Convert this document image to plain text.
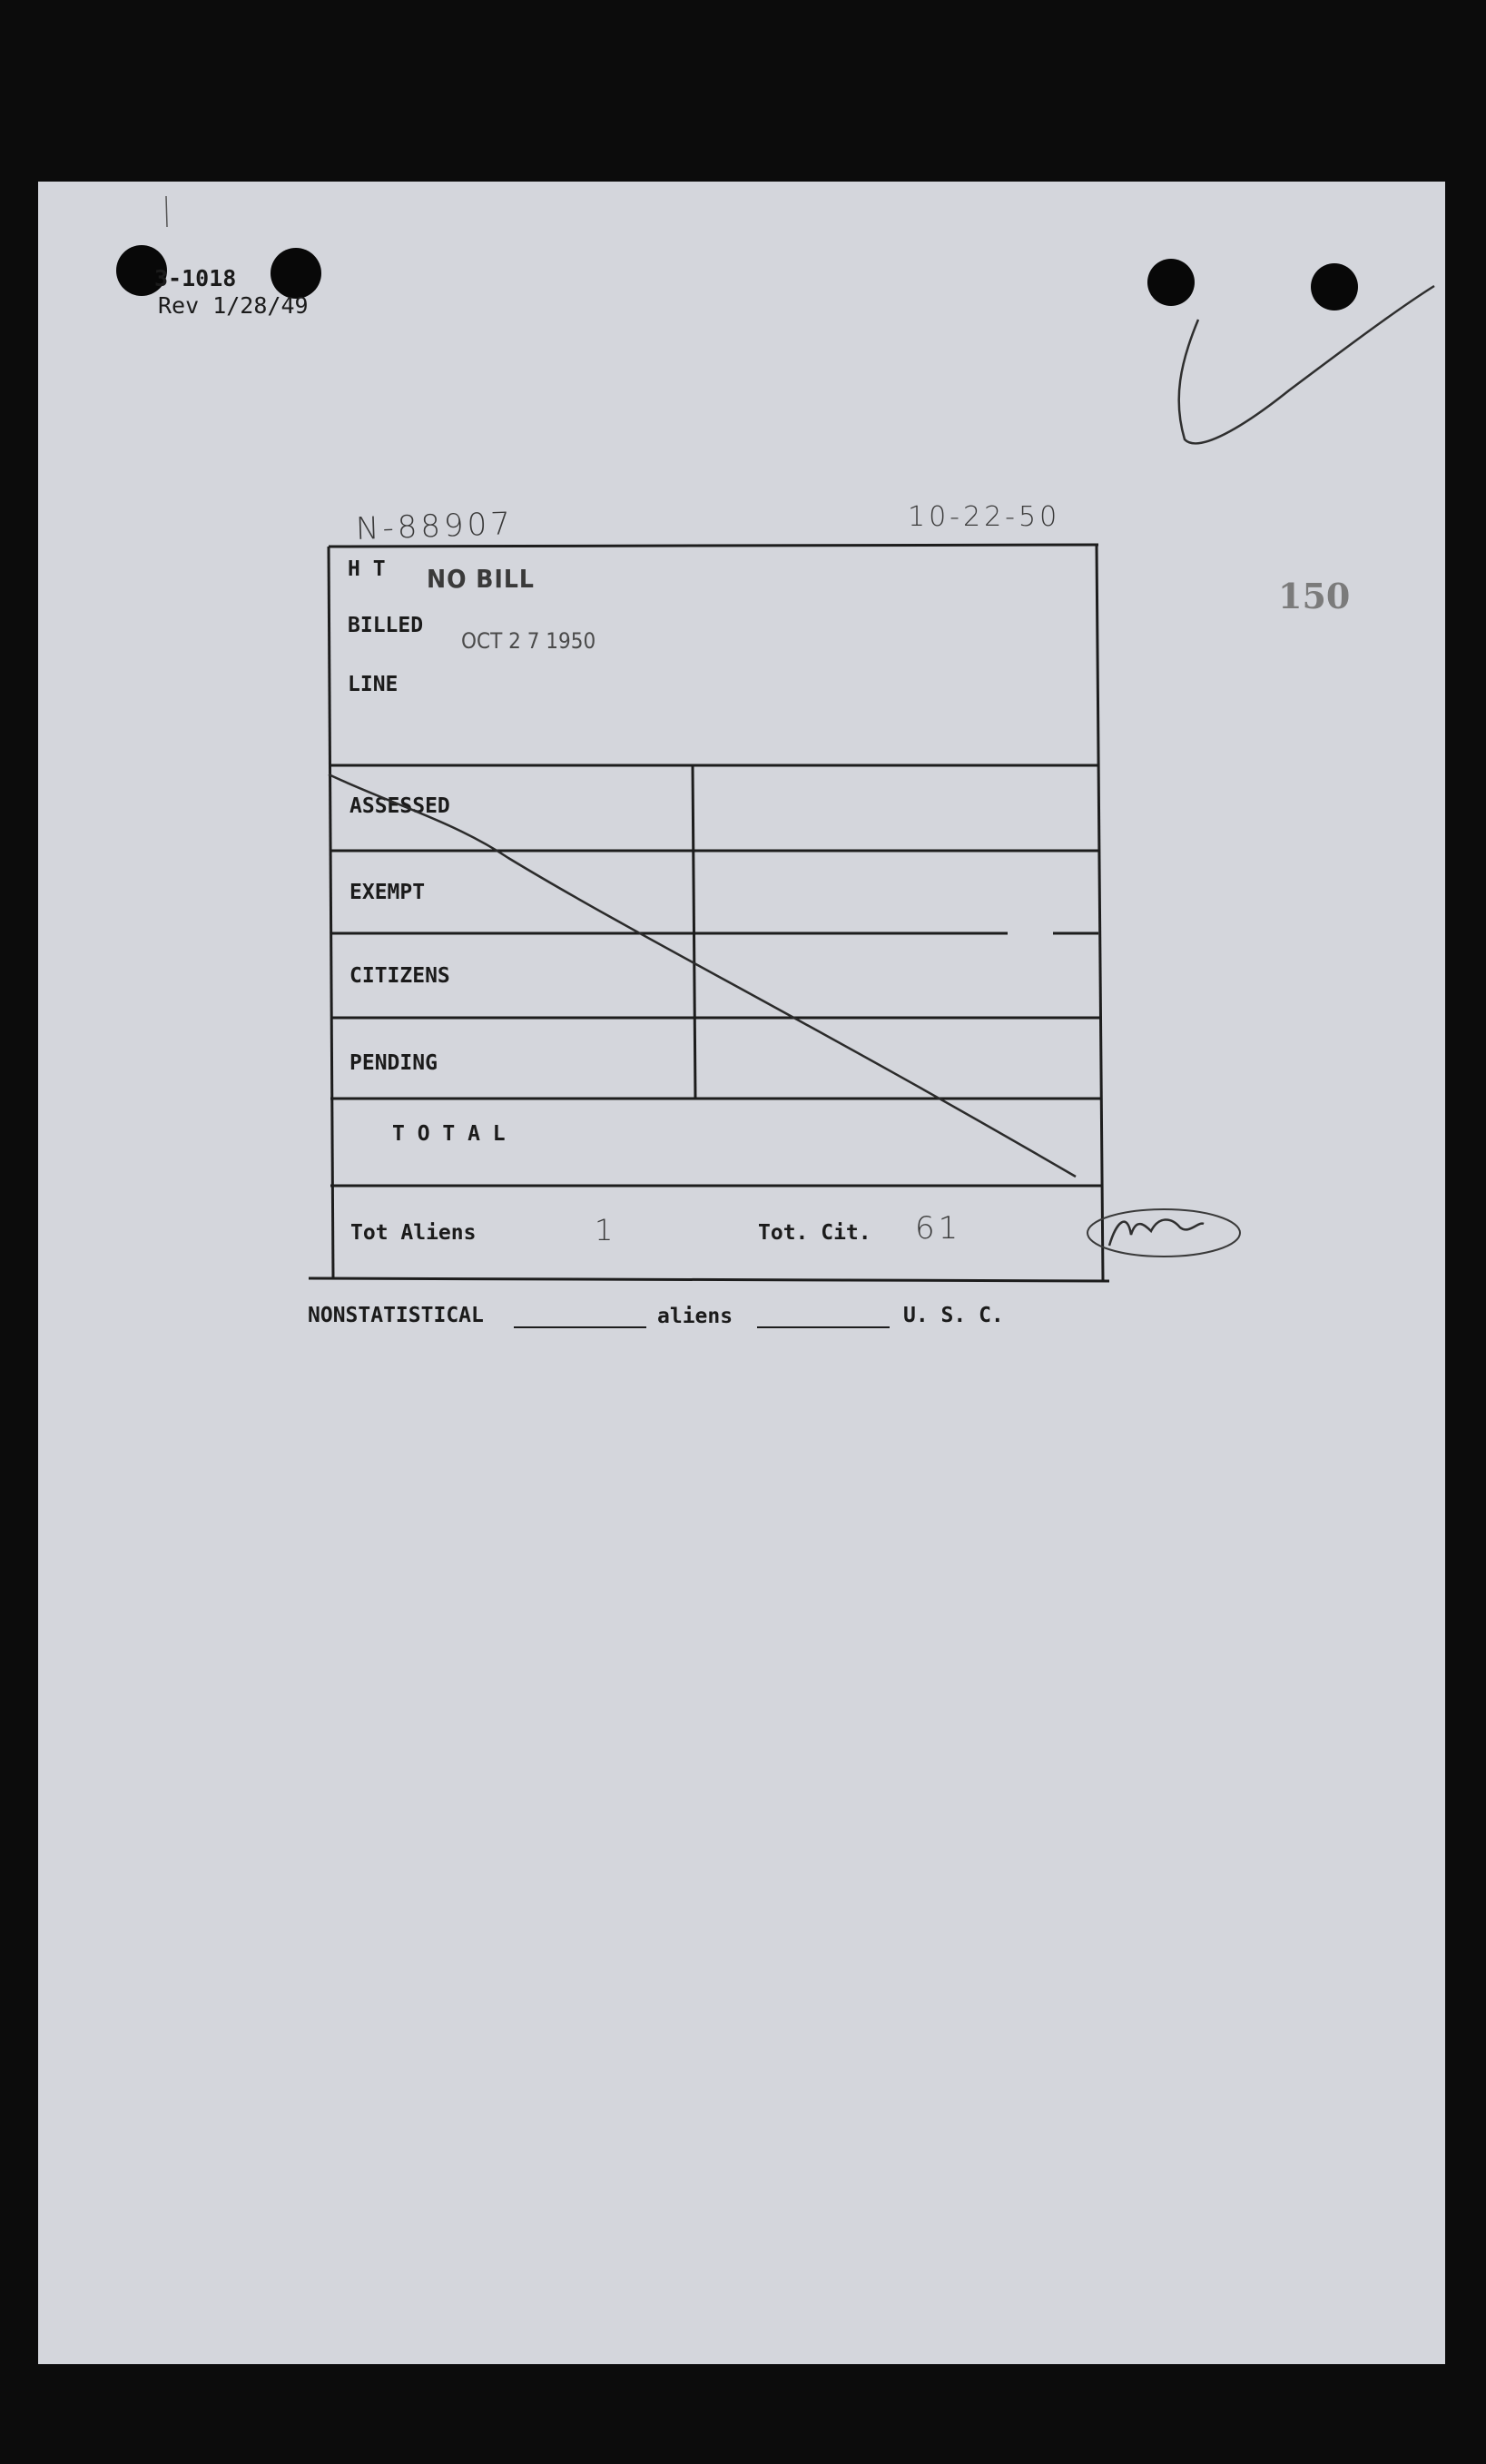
3-1018
Rev 1/28/49
N-88907	10-22-50
150
H T NO BILL
BILLED
OCT 2 7 1950
LINE
ASSESSED
EXEMPT
CITIZENS
PENDING
T O T A L
Tot Aliens	1	Tot. Cit. 61
NONSTATISTICAL	aliens	U. S. C.
